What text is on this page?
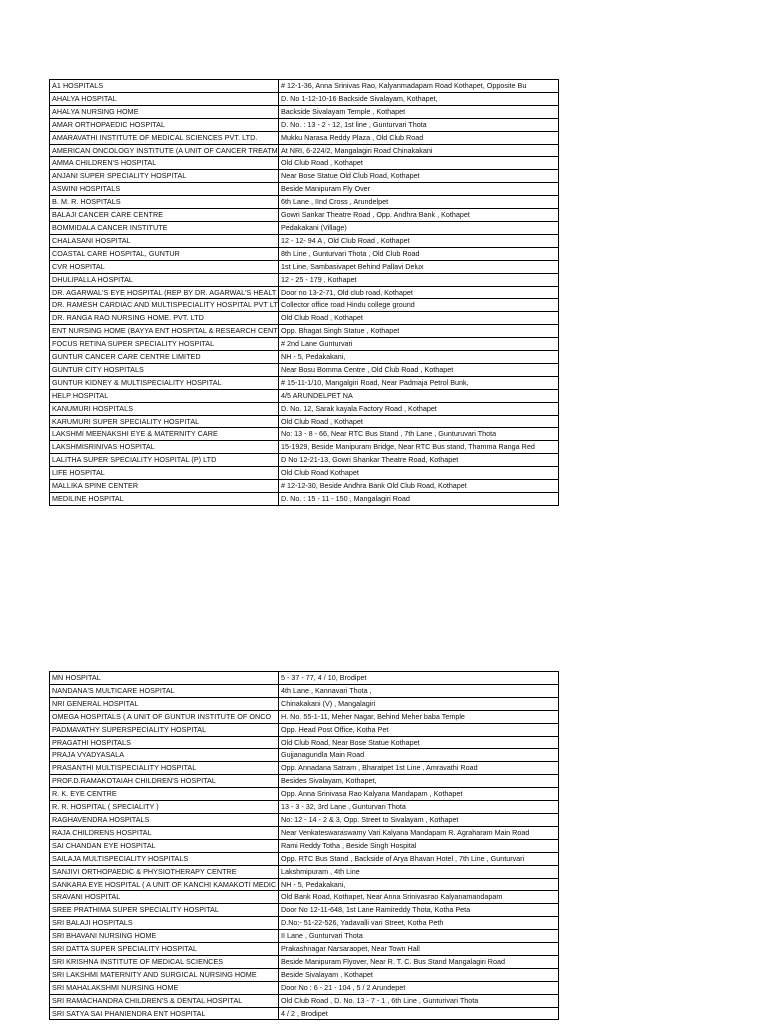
A1 HOSPITALS	# 12-1-36, Anna Srinivas Rao, Kalyanmadapam Road Kothapet, Opposite Bu
AHALYA HOSPITAL	D. No 1-12-10-16 Backside Sivalayam, Kothapet,
AHALYA NURSING HOME	Backside Sivalayam Temple , Kothapet
AMAR ORTHOPAEDIC HOSPITAL	D. No. : 13 - 2 - 12, 1st line , Gunturvari Thota
AMARAVATHI INSTITUTE OF MEDICAL SCIENCES PVT. LTD.	Mukku Narasa Reddy Plaza , Old Club Road
AMERICAN ONCOLOGY INSTITUTE (A UNIT OF CANCER TREATM	At NRI, 6-224/2, Mangalagiri Road Chinakakani
AMMA CHILDREN'S HOSPITAL	Old Club Road , Kothapet
ANJANI SUPER SPECIALITY HOSPITAL	Near Bose Statue Old Club Road, Kothapet
ASWINI HOSPITALS	Beside Manipuram Fly Over
B. M. R. HOSPITALS	6th Lane , IInd Cross , Arundelpet
BALAJI CANCER CARE CENTRE	Gowri Sankar Theatre Road , Opp. Andhra Bank , Kothapet
BOMMIDALA CANCER INSTITUTE	Pedakakani (Village)
CHALASANI HOSPITAL	12 - 12- 94 A , Old Club Road , Kothapet
COASTAL CARE HOSPITAL, GUNTUR	8th Line , Gunturvari Thota , Old Club Road
CVR HOSPITAL	1st Line, Sambasivapet Behind Pallavi Delux
DHULIPALLA HOSPITAL	12 - 25 - 179 , Kothapet
DR. AGARWAL'S EYE HOSPITAL (REP BY DR. AGARWAL'S HEALT	Door no 13-2-71, Old club road, Kothapet
DR. RAMESH CARDIAC AND MULTISPECIALITY HOSPITAL PVT LT	Collector office road Hindu college ground
DR. RANGA RAO NURSING HOME. PVT. LTD	Old Club Road , Kothapet
ENT NURSING HOME (BAYYA ENT HOSPITAL & RESEARCH CENT	Opp. Bhagat Singh Statue , Kothapet
FOCUS RETINA SUPER SPECIALITY HOSPITAL	# 2nd Lane Gunturvari
GUNTUR CANCER CARE CENTRE LIMITED	NH - 5, Pedakakani,
GUNTUR CITY HOSPITALS	Near Bosu Bomma Centre , Old Club Road , Kothapet
GUNTUR KIDNEY & MULTISPECIALITY HOSPITAL	# 15-11-1/10, Mangalgiri Road, Near Padmaja Petrol Bunk,
HELP HOSPITAL	4/5 ARUNDELPET NA
KANUMURI HOSPITALS	D. No. 12, Sarak kayala Factory Road , Kothapet
KARUMURI SUPER SPECIALITY HOSPITAL	Old Club Road , Kothapet
LAKSHMI MEENAKSHI EYE & MATERNITY CARE	No: 13 - 8 - 66, Near RTC Bus Stand , 7th Lane , Gunturuvari Thota
LAKSHMISRINIVAS HOSPITAL	15-1929, Beside Manipuram Bridge, Near RTC Bus stand, Thamma Ranga Red
LALITHA SUPER SPECIALITY HOSPITAL (P) LTD	D No 12-21-13, Gowri Shankar Theatre Road, Kothapet
LIFE HOSPITAL	Old Club Road Kothapet
MALLIKA SPINE CENTER	# 12-12-30, Beside Andhra Bank Old Club Road, Kothapet
MEDILINE HOSPITAL	D. No. : 15 - 11 - 150 , Mangalagiri Road
MN HOSPITAL	5 - 37 - 77, 4 / 10, Brodipet
NANDANA'S MULTICARE HOSPITAL	4th Lane , Kannavari Thota ,
NRI GENERAL HOSPITAL	Chinakakani (V) , Mangalagiri
OMEGA HOSPITALS ( A UNIT OF GUNTUR INSTITUTE OF ONCO	H. No. 55-1-11, Meher Nagar, Behind Meher baba Temple
PADMAVATHY SUPERSPECIALITY HOSPITAL	Opp. Head Post Office, Kotha Pet
PRAGATHI HOSPITALS	Old Club Road, Near Bose Statue Kothapet
PRAJA VYADYASALA	Gujjanagundla Main Road
PRASANTHI MULTISPECIALITY HOSPITAL	Opp. Annadana Satram , Bharatpet 1st Line , Amravathi Road
PROF.D.RAMAKOTAIAH CHILDREN'S HOSPITAL	Besides Sivalayam, Kothapet,
R. K. EYE CENTRE	Opp. Anna Srinivasa Rao Kalyana Mandapam , Kothapet
R. R. HOSPITAL ( SPECIALITY )	13 - 3 - 32, 3rd Lane , Gunturvari Thota
RAGHAVENDRA HOSPITALS	No: 12 - 14 - 2 & 3, Opp. Street to Sivalayam , Kothapet
RAJA CHILDRENS HOSPITAL	Near Venkateswaraswamy Vari Kalyana Mandapam R. Agraharam Main Road
SAI CHANDAN EYE HOSPITAL	Rami Reddy Totha , Beside Singh Hospital
SAILAJA MULTISPECIALITY HOSPITALS	Opp. RTC Bus Stand , Backside of Arya Bhavan Hotel , 7th Line , Gunturvari
SANJIVI ORTHOPAEDIC & PHYSIOTHERAPY CENTRE	Lakshmipuram , 4th Line
SANKARA EYE HOSPITAL ( A UNIT OF KANCHI KAMAKOTI MEDIC	NH - 5, Pedakakani,
SRAVANI HOSPITAL	Old Bank Road, Kothapet, Near Anna Srinivasrao Kalyanamandapam
SREE PRATHIMA SUPER SPECIALITY HOSPITAL	Door No 12-11-648, 1st Lane Ramireddy Thota, Kotha Peta
SRI BALAJI HOSPITALS	D.No:- 51-22-526, Yadavalli vari Street, Kotha Peth
SRI BHAVANI NURSING HOME	II Lane , Gunturvari Thota
SRI DATTA SUPER SPECIALITY HOSPITAL	Prakashnagar Narsaraopet, Near Town Hall
SRI KRISHNA INSTITUTE OF MEDICAL SCIENCES	Beside Manipuram Flyover, Near R. T. C. Bus Stand Mangalagiri Road
SRI LAKSHMI MATERNITY AND SURGICAL NURSING HOME	Beside Sivalayam , Kothapet
SRI MAHALAKSHMI NURSING HOME	Door No : 6 - 21 - 104 , 5 / 2 Arundepet
SRI RAMACHANDRA CHILDREN'S & DENTAL HOSPITAL	Old Club Road , D. No. 13 - 7 - 1 , 6th Line , Gunturivari Thota
SRI SATYA SAI PHANIENDRA ENT HOSPITAL	4 / 2 , Brodipet
